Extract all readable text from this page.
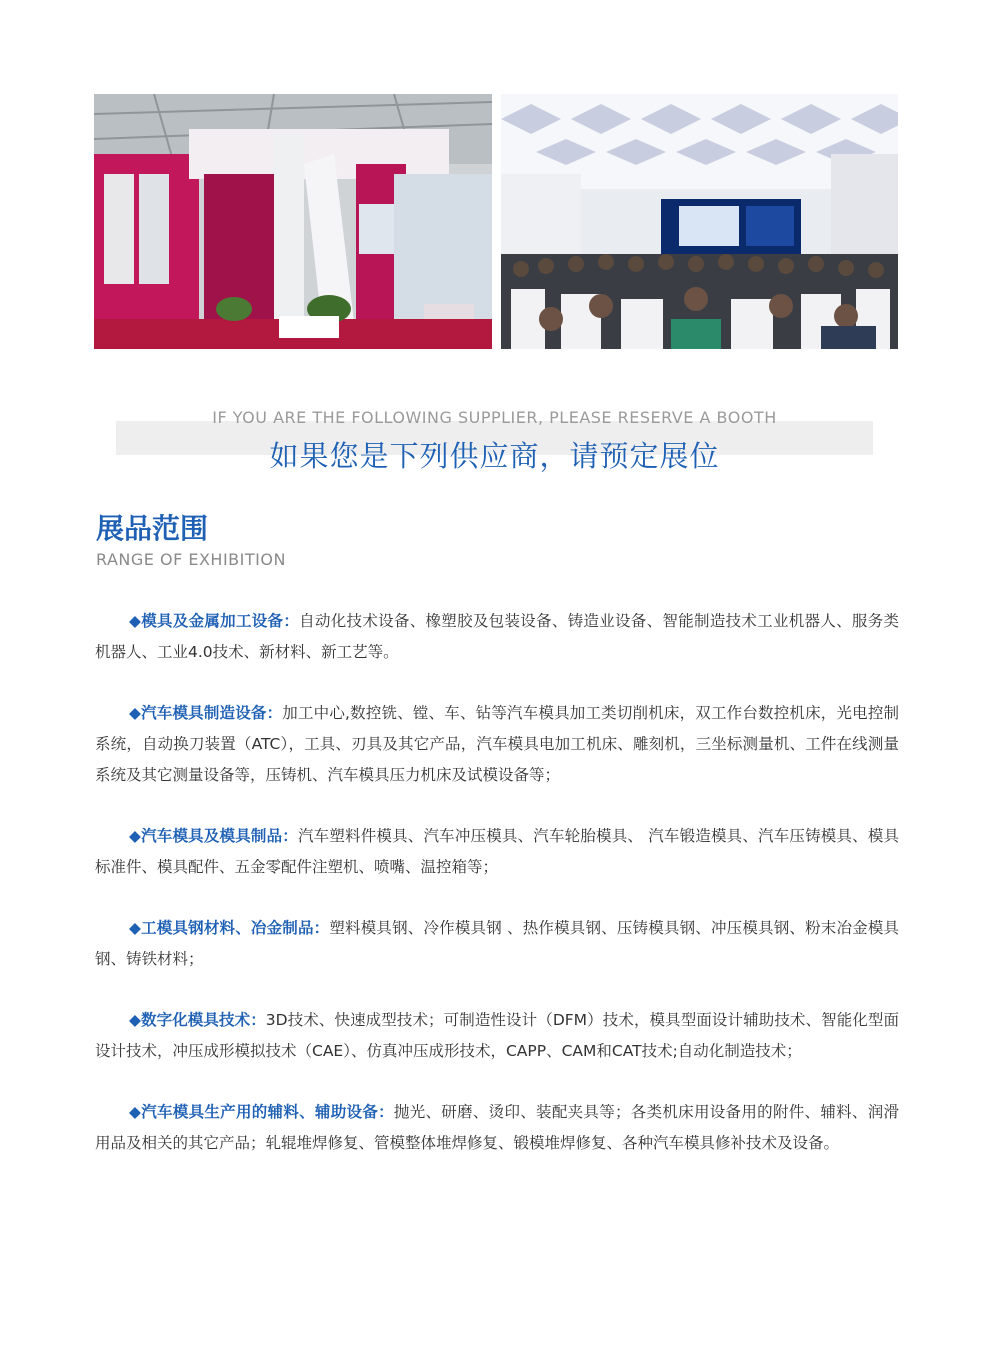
IF YOU ARE THE FOLLOWING SUPPLIER, PLEASE RESERVE A BOOTH
如果您是下列供应商，请预定展位
展品范围
RANGE OF EXHIBITION

◆模具及金属加工设备：自动化技术设备、橡塑胶及包装设备、铸造业设备、智能制造技术工业机器人、服务类机器人、工业4.0技术、新材料、新工艺等。

◆汽车模具制造设备：加工中心,数控铣、镗、车、钻等汽车模具加工类切削机床，双工作台数控机床，光电控制系统，自动换刀装置（ATC），工具、刃具及其它产品，汽车模具电加工机床、雕刻机，三坐标测量机、工件在线测量系统及其它测量设备等，压铸机、汽车模具压力机床及试模设备等；

◆汽车模具及模具制品：汽车塑料件模具、汽车冲压模具、汽车轮胎模具、 汽车锻造模具、汽车压铸模具、模具标准件、模具配件、五金零配件注塑机、喷嘴、温控箱等；

◆工模具钢材料、冶金制品：塑料模具钢、冷作模具钢 、热作模具钢、压铸模具钢、冲压模具钢、粉末冶金模具钢、铸铁材料；

◆数字化模具技术：3D技术、快速成型技术；可制造性设计（DFM）技术，模具型面设计辅助技术、智能化型面设计技术，冲压成形模拟技术（CAE）、仿真冲压成形技术，CAPP、CAM和CAT技术;自动化制造技术；

◆汽车模具生产用的辅料、辅助设备：抛光、研磨、烫印、装配夹具等；各类机床用设备用的附件、辅料、润滑用品及相关的其它产品；轧辊堆焊修复、管模整体堆焊修复、锻模堆焊修复、各种汽车模具修补技术及设备。
